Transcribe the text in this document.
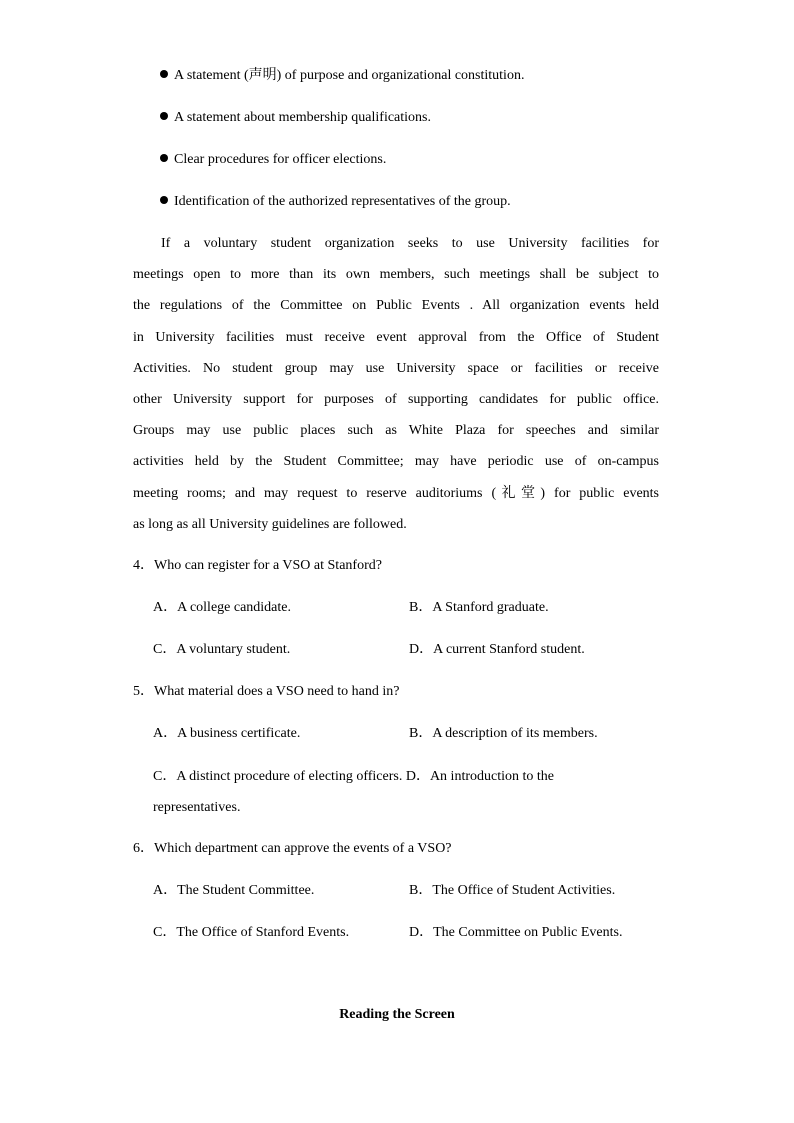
A statement (声明) of purpose and organizational constitution.
A statement about membership qualifications.
Clear procedures for officer elections.
Identification of the authorized representatives of the group.
If a voluntary student organization seeks to use University facilities for
meetings open to more than its own members, such meetings shall be subject to
the regulations of the Committee on Public Events . All organization events held
in University facilities must receive event approval from the Office of Student
Activities. No student group may use University space or facilities or receive
other University support for purposes of supporting candidates for public office.
Groups may use public places such as White Plaza for speeches and similar
activities held by the Student Committee; may have periodic use of on-campus
meeting rooms; and may request to reserve auditoriums (礼堂) for public events
as long as all University guidelines are followed.
4．Who can register for a VSO at Stanford?
A．A college candidate.	B．A Stanford graduate.
C．A voluntary student.	D．A current Stanford student.
5．What material does a VSO need to hand in?
A．A business certificate.	B．A description of its members.
C．A distinct procedure of electing officers. D．An introduction to the representatives.
6．Which department can approve the events of a VSO?
A．The Student Committee.	B．The Office of Student Activities.
C．The Office of Stanford Events.	D．The Committee on Public Events.
Reading the Screen
